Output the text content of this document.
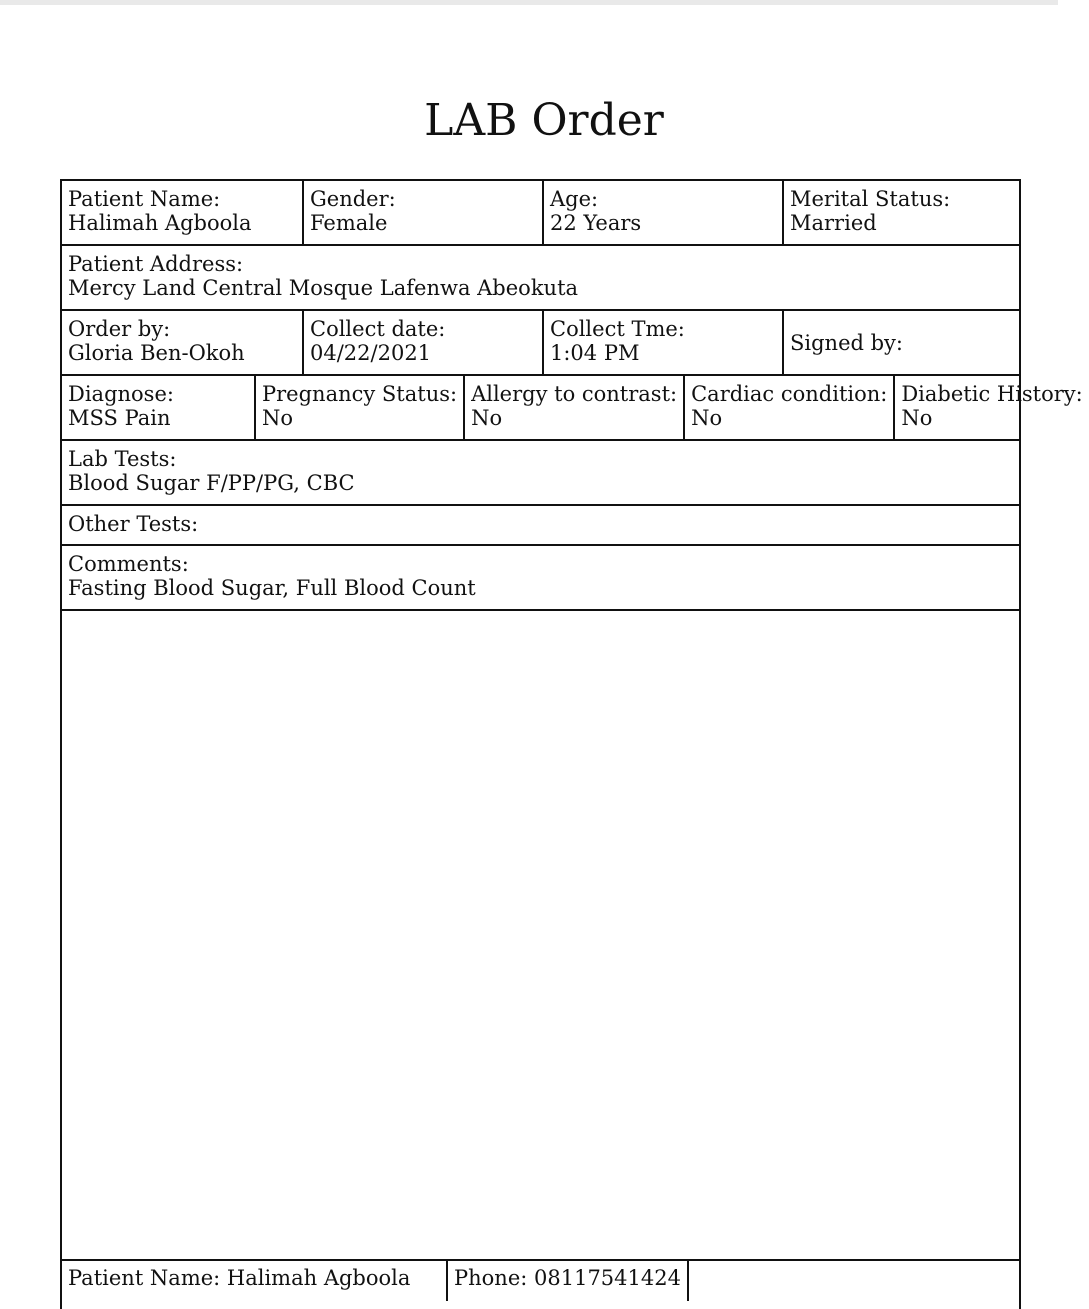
LAB Order
Patient Name:
Halimah Agboola
Gender:
Female
Age:
22 Years
Merital Status:
Married
Patient Address:
Mercy Land Central Mosque Lafenwa Abeokuta
Order by:
Gloria Ben-Okoh
Collect date:
04/22/2021
Collect Tme:
1:04 PM	Signed by:
Diagnose:
MSS Pain
Pregnancy Status:
No
Allergy to contrast:
No
Cardiac condition:
No
Diabetic History:
No
Lab Tests:
Blood Sugar F/PP/PG, CBC
Other Tests:
Comments:
Fasting Blood Sugar, Full Blood Count
Patient Name: Halimah Agboola	Phone: 08117541424
